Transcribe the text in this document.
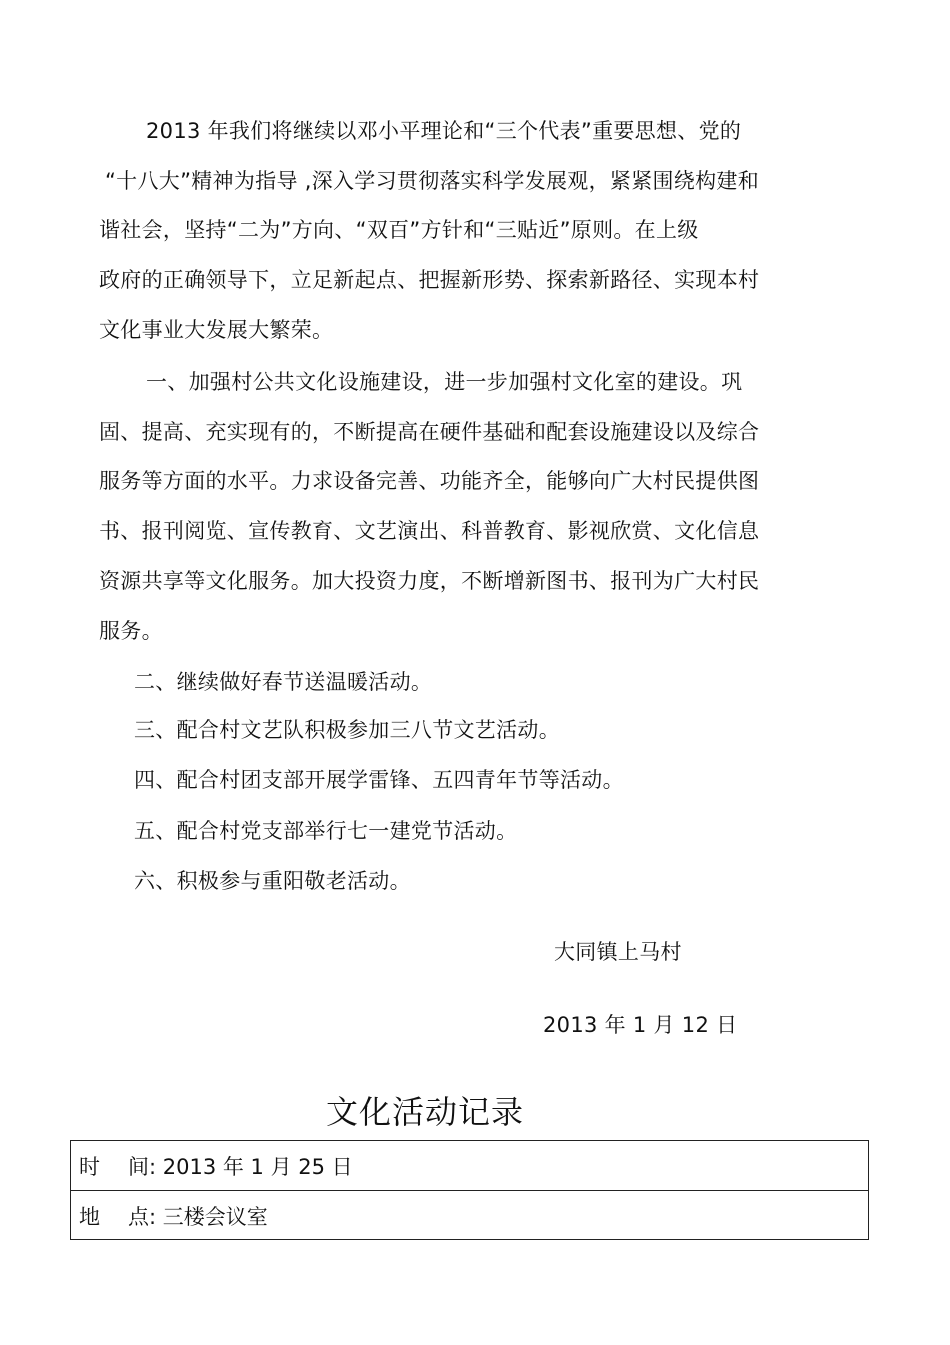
2013 年我们将继续以邓小平理论和“三个代表”重要思想、党的
“十八大”精神为指导 ,深入学习贯彻落实科学发展观，紧紧围绕构建和
谐社会，坚持“二为”方向、“双百”方针和“三贴近”原则。在上级
政府的正确领导下，立足新起点、把握新形势、探索新路径、实现本村
文化事业大发展大繁荣。
一、加强村公共文化设施建设，进一步加强村文化室的建设。巩
固、提高、充实现有的，不断提高在硬件基础和配套设施建设以及综合
服务等方面的水平。力求设备完善、功能齐全，能够向广大村民提供图
书、报刊阅览、宣传教育、文艺演出、科普教育、影视欣赏、文化信息
资源共享等文化服务。加大投资力度，不断增新图书、报刊为广大村民
服务。
二、继续做好春节送温暖活动。
三、配合村文艺队积极参加三八节文艺活动。
四、配合村团支部开展学雷锋、五四青年节等活动。
五、配合村党支部举行七一建党节活动。
六、积极参与重阳敬老活动。
大同镇上马村
2013 年 1 月 12 日
文化活动记录
时间: 2013 年 1 月 25 日
地点: 三楼会议室
